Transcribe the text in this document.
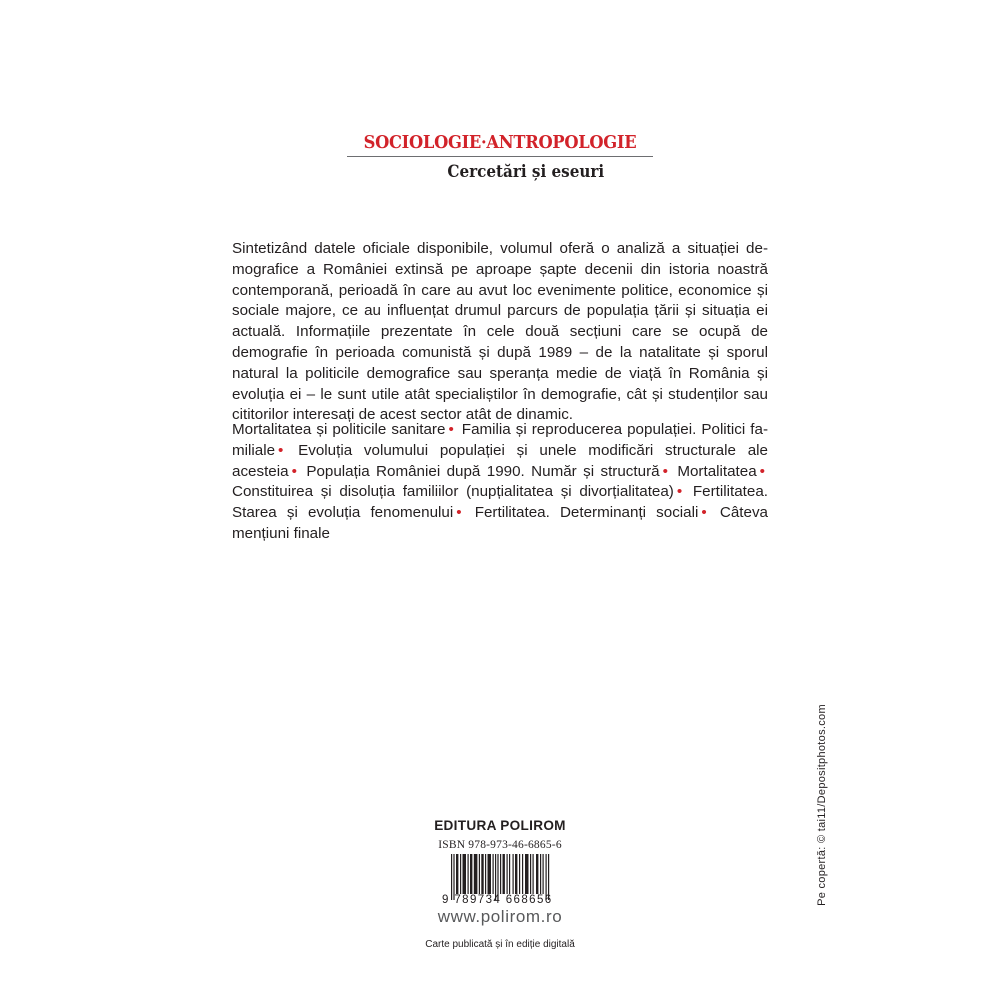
SOCIOLOGIE·ANTROPOLOGIE
Cercetări și eseuri
Sintetizând datele oficiale disponibile, volumul oferă o analiză a situației demografice a României extinsă pe aproape șapte decenii din istoria noastră contemporană, perioadă în care au avut loc evenimente politice, economice și sociale majore, ce au influențat drumul parcurs de populația țării și situația ei actuală. Informațiile prezentate în cele două secțiuni care se ocupă de demografie în perioada comunistă și după 1989 – de la natalitate și sporul natural la politicile demografice sau speranța medie de viață în România și evoluția ei – le sunt utile atât specialiștilor în demografie, cât și studenților sau cititorilor interesați de acest sector atât de dinamic.
Mortalitatea și politicile sanitare • Familia și reproducerea populației. Politici familiale • Evoluția volumului populației și unele modificări structurale ale acesteia • Populația României după 1990. Număr și structură • Mortalitatea • Constituirea și disoluția familiilor (nupțialitatea și divorțialitatea) • Fertilitatea. Starea și evoluția fenomenului • Fertilitatea. Determinanți sociali • Câteva mențiuni finale
EDITURA POLIROM
ISBN 978-973-46-6865-6
9 789734 668656
www.polirom.ro
Carte publicată și în ediție digitală
Pe copertă: © tai11/Depositphotos.com
